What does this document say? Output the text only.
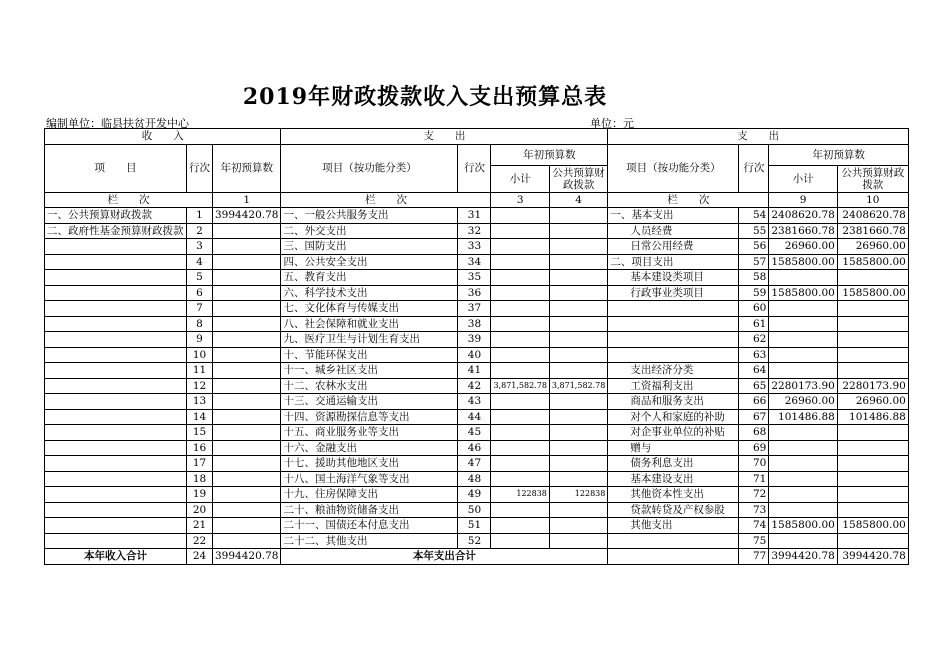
2019年财政拨款收入支出预算总表
编制单位：临县扶贫开发中心	单位：元
收　　入			支　　出				支　　出			
项　　目	行次	年初预算数	项目（按功能分类）	行次	年初预算数		项目（按功能分类）	行次	年初预算数	
					小计	公共预算财政拨款			小计	公共预算财政拨款
栏　　次		1	栏　　次		3	4	栏　　次		9	10
一、公共预算财政拨款	1	3994420.78	一、一般公共服务支出	31			一、基本支出	54	2408620.78	2408620.78
二、政府性基金预算财政拨款	2		二、外交支出	32			人员经费	55	2381660.78	2381660.78
	3		三、国防支出	33			日常公用经费	56	26960.00	26960.00
	4		四、公共安全支出	34			二、项目支出	57	1585800.00	1585800.00
	5		五、教育支出	35			基本建设类项目	58		
	6		六、科学技术支出	36			行政事业类项目	59	1585800.00	1585800.00
	7		七、文化体育与传媒支出	37				60		
	8		八、社会保障和就业支出	38				61		
	9		九、医疗卫生与计划生育支出	39				62		
	10		十、节能环保支出	40				63		
	11		十一、城乡社区支出	41			支出经济分类	64		
	12		十二、农林水支出	42	3,871,582.78	3,871,582.78	工资福利支出	65	2280173.90	2280173.90
	13		十三、交通运输支出	43			商品和服务支出	66	26960.00	26960.00
	14		十四、资源勘探信息等支出	44			对个人和家庭的补助	67	101486.88	101486.88
	15		十五、商业服务业等支出	45			对企事业单位的补贴	68		
	16		十六、金融支出	46			赠与	69		
	17		十七、援助其他地区支出	47			债务利息支出	70		
	18		十八、国土海洋气象等支出	48			基本建设支出	71		
	19		十九、住房保障支出	49	122838	122838	其他资本性支出	72		
	20		二十、粮油物资储备支出	50			贷款转贷及产权参股	73		
	21		二十一、国债还本付息支出	51			其他支出	74	1585800.00	1585800.00
	22		二十二、其他支出	52				75		
本年收入合计	24	3994420.78	本年支出合计					77	3994420.78	3994420.78
